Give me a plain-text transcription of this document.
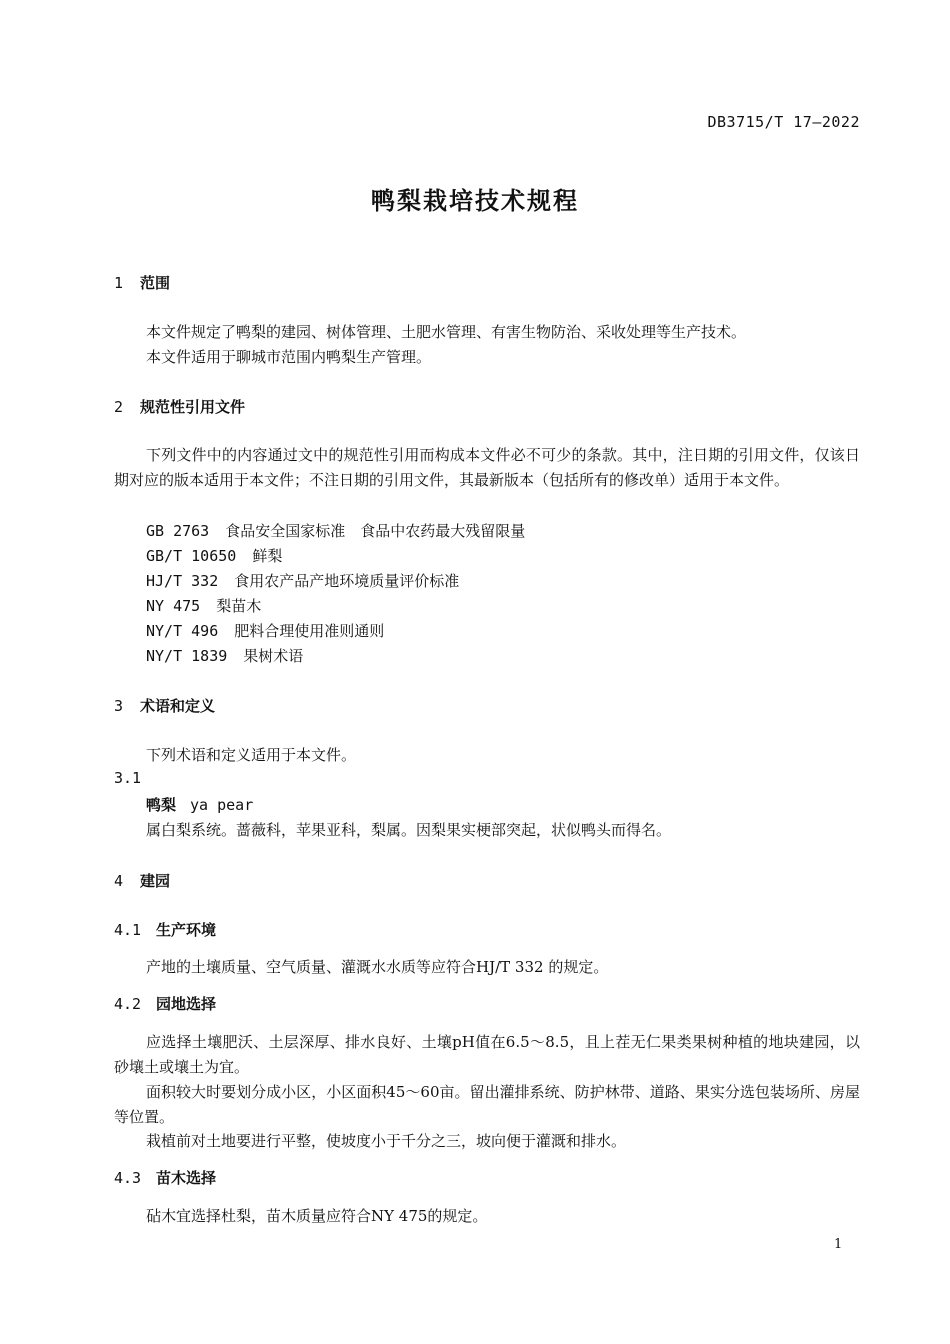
DB3715/T 17—2022
鸭梨栽培技术规程
1 范围
本文件规定了鸭梨的建园、树体管理、土肥水管理、有害生物防治、采收处理等生产技术。
本文件适用于聊城市范围内鸭梨生产管理。
2 规范性引用文件
下列文件中的内容通过文中的规范性引用而构成本文件必不可少的条款。其中，注日期的引用文件，仅该日期对应的版本适用于本文件；不注日期的引用文件，其最新版本（包括所有的修改单）适用于本文件。
GB 2763 食品安全国家标准　食品中农药最大残留限量
GB/T 10650 鲜梨
HJ/T 332 食用农产品产地环境质量评价标准
NY 475 梨苗木
NY/T 496 肥料合理使用准则通则
NY/T 1839 果树术语
3 术语和定义
下列术语和定义适用于本文件。
3.1
鸭梨 ya pear
属白梨系统。蔷薇科，苹果亚科，梨属。因梨果实梗部突起，状似鸭头而得名。
4 建园
4.1 生产环境
产地的土壤质量、空气质量、灌溉水水质等应符合HJ/T 332 的规定。
4.2 园地选择
应选择土壤肥沃、土层深厚、排水良好、土壤pH值在6.5～8.5，且上茬无仁果类果树种植的地块建园，以砂壤土或壤土为宜。
面积较大时要划分成小区，小区面积45～60亩。留出灌排系统、防护林带、道路、果实分选包装场所、房屋等位置。
栽植前对土地要进行平整，使坡度小于千分之三，坡向便于灌溉和排水。
4.3 苗木选择
砧木宜选择杜梨，苗木质量应符合NY 475的规定。
1
